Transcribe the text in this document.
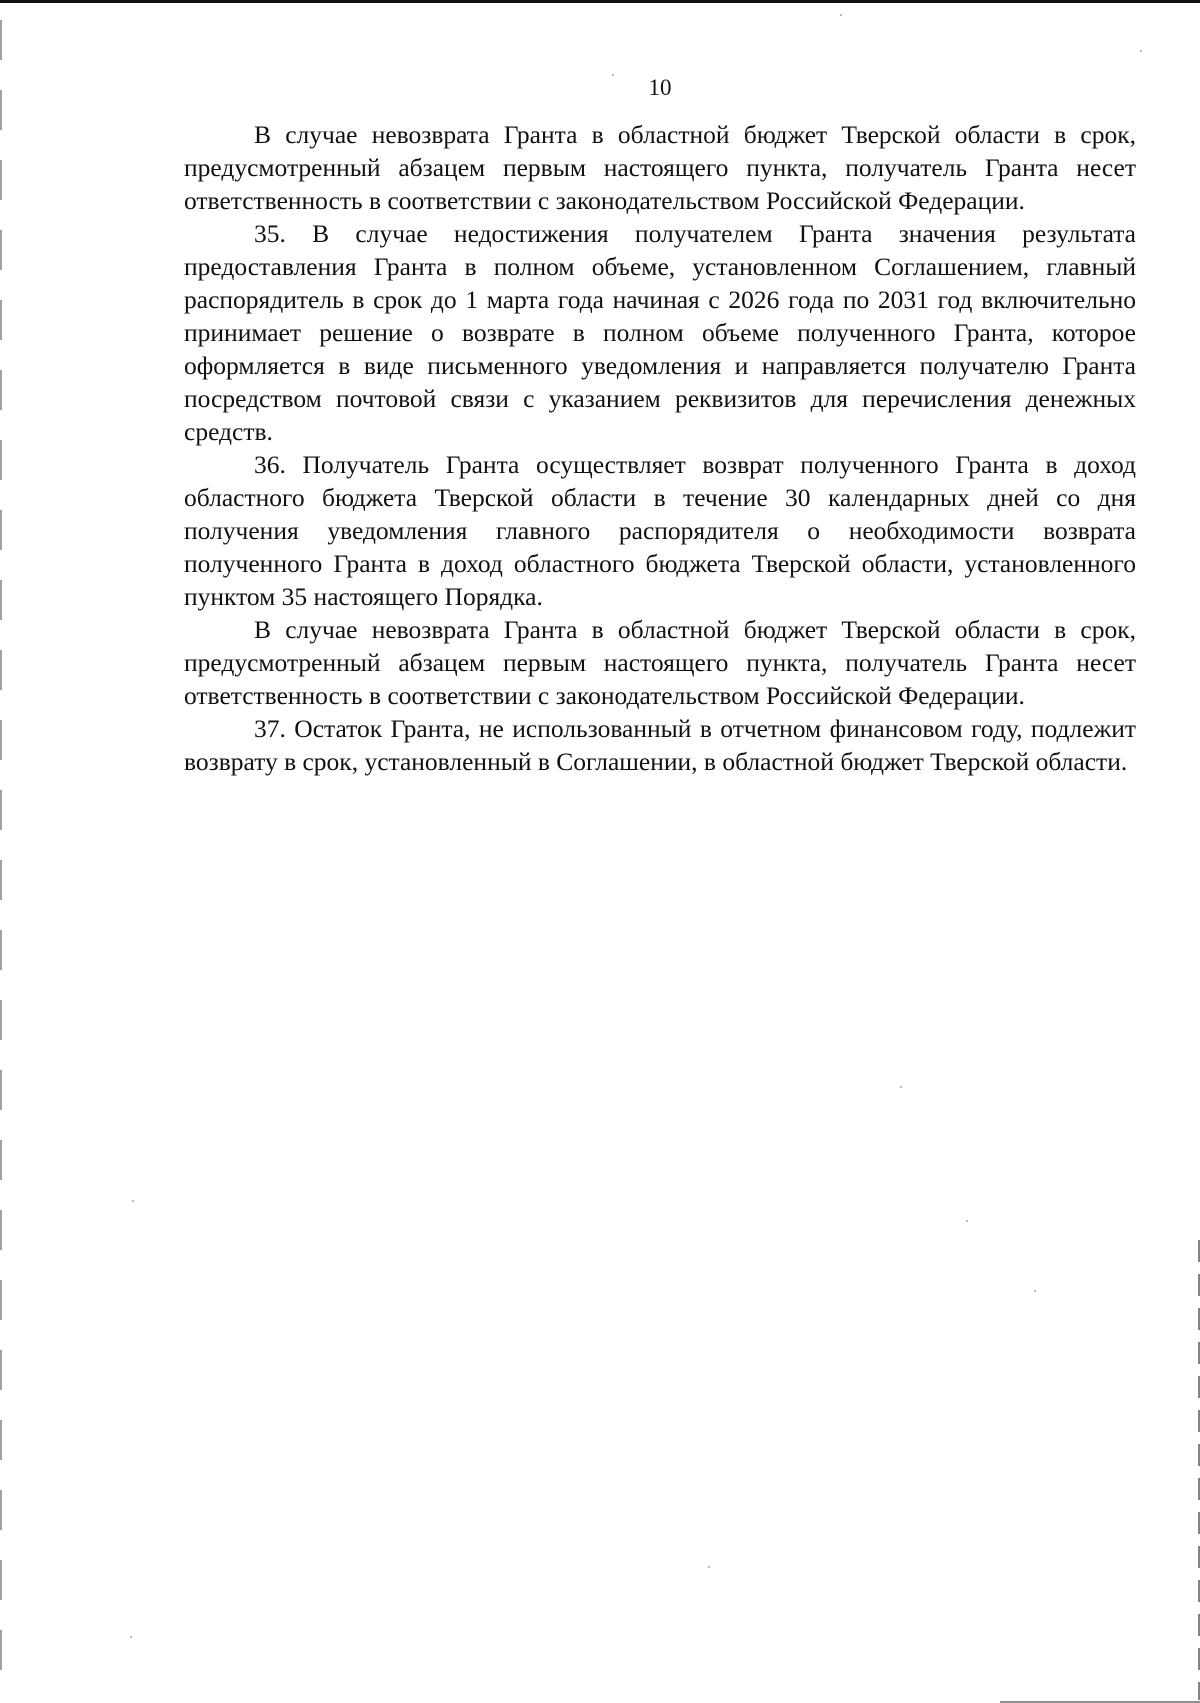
10

В случае невозврата Гранта в областной бюджет Тверской области в срок, предусмотренный абзацем первым настоящего пункта, получатель Гранта несет ответственность в соответствии с законодательством Российской Федерации.

35. В случае недостижения получателем Гранта значения результата предоставления Гранта в полном объеме, установленном Соглашением, главный распорядитель в срок до 1 марта года начиная с 2026 года по 2031 год включительно принимает решение о возврате в полном объеме полученного Гранта, которое оформляется в виде письменного уведомления и направляется получателю Гранта посредством почтовой связи с указанием реквизитов для перечисления денежных средств.

36. Получатель Гранта осуществляет возврат полученного Гранта в доход областного бюджета Тверской области в течение 30 календарных дней со дня получения уведомления главного распорядителя о необходимости возврата полученного Гранта в доход областного бюджета Тверской области, установленного пунктом 35 настоящего Порядка.

В случае невозврата Гранта в областной бюджет Тверской области в срок, предусмотренный абзацем первым настоящего пункта, получатель Гранта несет ответственность в соответствии с законодательством Российской Федерации.

37. Остаток Гранта, не использованный в отчетном финансовом году, подлежит возврату в срок, установленный в Соглашении, в областной бюджет Тверской области.
